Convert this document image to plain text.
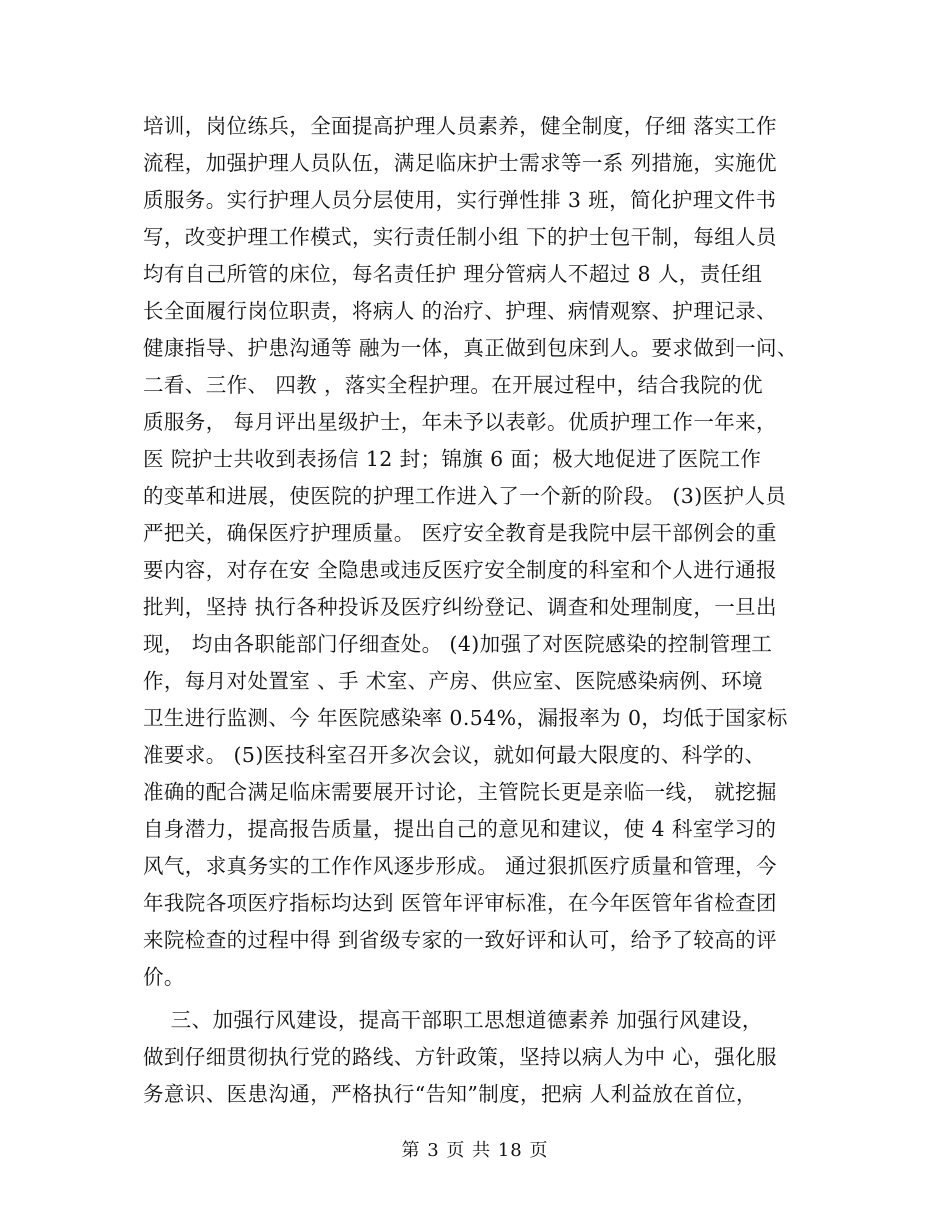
培训，岗位练兵，全面提高护理人员素养，健全制度，仔细 落实工作
流程，加强护理人员队伍，满足临床护士需求等一系 列措施，实施优
质服务。实行护理人员分层使用，实行弹性排 3 班，简化护理文件书
写，改变护理工作模式，实行责任制小组 下的护士包干制，每组人员
均有自己所管的床位，每名责任护 理分管病人不超过 8 人，责任组
长全面履行岗位职责，将病人 的治疗、护理、病情观察、护理记录、
健康指导、护患沟通等 融为一体，真正做到包床到人。要求做到一问、
二看、三作、 四教 ，落实全程护理。在开展过程中，结合我院的优
质服务， 每月评出星级护士，年未予以表彰。优质护理工作一年来，
医 院护士共收到表扬信 12 封；锦旗 6 面；极大地促进了医院工作
的变革和进展，使医院的护理工作进入了一个新的阶段。 (3)医护人员
严把关，确保医疗护理质量。 医疗安全教育是我院中层干部例会的重
要内容，对存在安 全隐患或违反医疗安全制度的科室和个人进行通报
批判，坚持 执行各种投诉及医疗纠纷登记、调查和处理制度，一旦出
现， 均由各职能部门仔细查处。 (4)加强了对医院感染的控制管理工
作，每月对处置室 、手 术室、产房、供应室、医院感染病例、环境
卫生进行监测、今 年医院感染率 0.54%，漏报率为 0，均低于国家标
准要求。 (5)医技科室召开多次会议，就如何最大限度的、科学的、
准确的配合满足临床需要展开讨论，主管院长更是亲临一线， 就挖掘
自身潜力，提高报告质量，提出自己的意见和建议，使 4 科室学习的
风气，求真务实的工作作风逐步形成。 通过狠抓医疗质量和管理，今
年我院各项医疗指标均达到 医管年评审标准，在今年医管年省检查团
来院检查的过程中得 到省级专家的一致好评和认可，给予了较高的评
价。
三、加强行风建设，提高干部职工思想道德素养 加强行风建设，
做到仔细贯彻执行党的路线、方针政策，坚持以病人为中 心，强化服
务意识、医患沟通，严格执行“告知”制度，把病 人利益放在首位，
第 3 页 共 18 页
